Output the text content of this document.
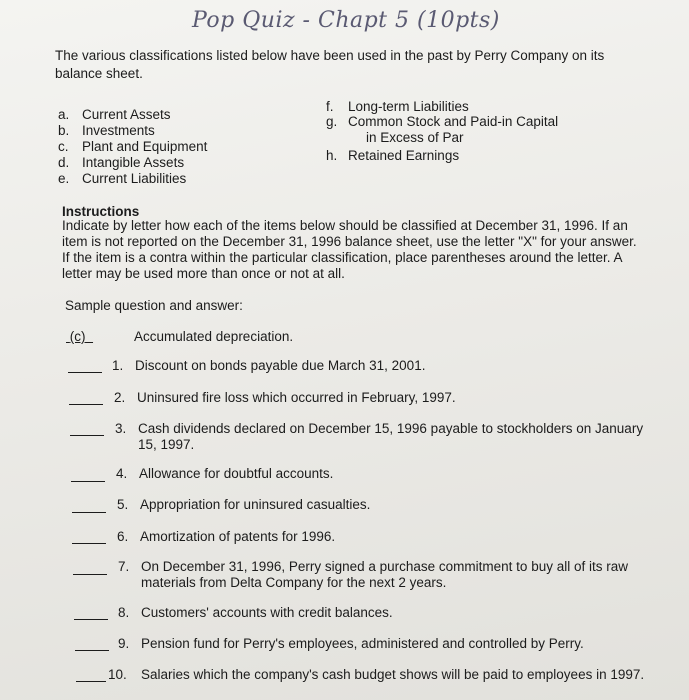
Pop Quiz - Chapt 5 (10pts)
The various classifications listed below have been used in the past by Perry Company on its
balance sheet.
a. Current Assets
b. Investments
c. Plant and Equipment
d. Intangible Assets
e. Current Liabilities
f. Long-term Liabilities
g. Common Stock and Paid-in Capital
in Excess of Par
h. Retained Earnings
Instructions
Indicate by letter how each of the items below should be classified at December 31, 1996. If an
item is not reported on the December 31, 1996 balance sheet, use the letter "X" for your answer.
If the item is a contra within the particular classification, place parentheses around the letter. A
letter may be used more than once or not at all.
Sample question and answer:
(c)	Accumulated depreciation.
1. Discount on bonds payable due March 31, 2001.
2. Uninsured fire loss which occurred in February, 1997.
3. Cash dividends declared on December 15, 1996 payable to stockholders on January
15, 1997.
4. Allowance for doubtful accounts.
5. Appropriation for uninsured casualties.
6. Amortization of patents for 1996.
7. On December 31, 1996, Perry signed a purchase commitment to buy all of its raw
materials from Delta Company for the next 2 years.
8. Customers' accounts with credit balances.
9. Pension fund for Perry's employees, administered and controlled by Perry.
10. Salaries which the company's cash budget shows will be paid to employees in 1997.
